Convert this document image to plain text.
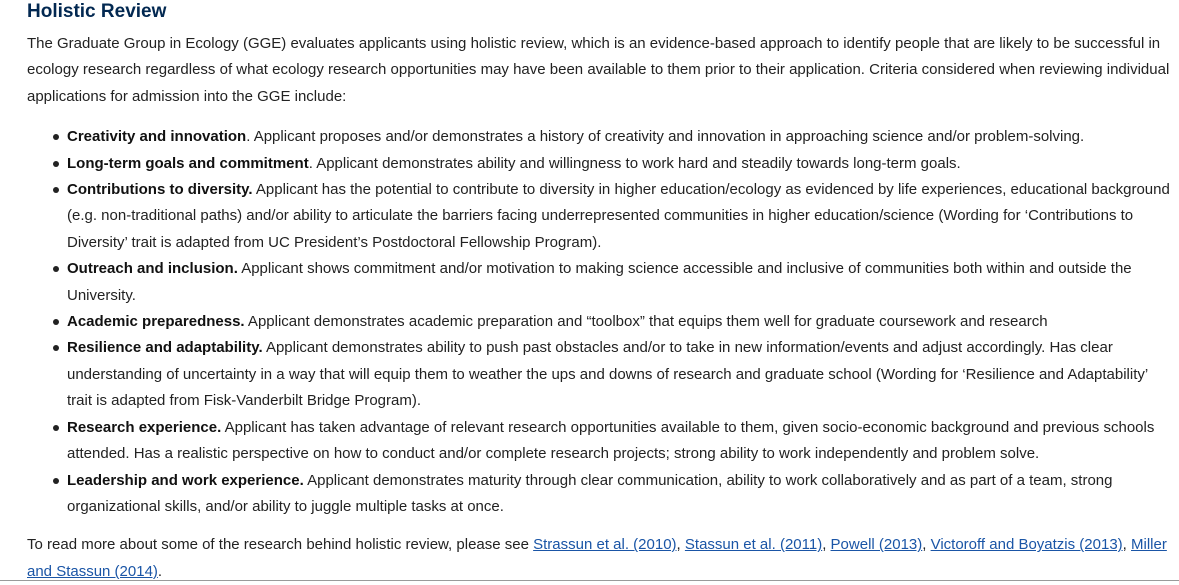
Holistic Review

The Graduate Group in Ecology (GGE) evaluates applicants using holistic review, which is an evidence-based approach to identify people that are likely to be successful in ecology research regardless of what ecology research opportunities may have been available to them prior to their application. Criteria considered when reviewing individual applications for admission into the GGE include:

Creativity and innovation. Applicant proposes and/or demonstrates a history of creativity and innovation in approaching science and/or problem-solving.
Long-term goals and commitment. Applicant demonstrates ability and willingness to work hard and steadily towards long-term goals.
Contributions to diversity. Applicant has the potential to contribute to diversity in higher education/ecology as evidenced by life experiences, educational background (e.g. non-traditional paths) and/or ability to articulate the barriers facing underrepresented communities in higher education/science (Wording for ‘Contributions to Diversity’ trait is adapted from UC President’s Postdoctoral Fellowship Program).
Outreach and inclusion. Applicant shows commitment and/or motivation to making science accessible and inclusive of communities both within and outside the University.
Academic preparedness. Applicant demonstrates academic preparation and “toolbox” that equips them well for graduate coursework and research
Resilience and adaptability. Applicant demonstrates ability to push past obstacles and/or to take in new information/events and adjust accordingly. Has clear understanding of uncertainty in a way that will equip them to weather the ups and downs of research and graduate school (Wording for ‘Resilience and Adaptability’ trait is adapted from Fisk-Vanderbilt Bridge Program).
Research experience. Applicant has taken advantage of relevant research opportunities available to them, given socio-economic background and previous schools attended. Has a realistic perspective on how to conduct and/or complete research projects; strong ability to work independently and problem solve.
Leadership and work experience. Applicant demonstrates maturity through clear communication, ability to work collaboratively and as part of a team, strong organizational skills, and/or ability to juggle multiple tasks at once.

To read more about some of the research behind holistic review, please see Strassun et al. (2010), Stassun et al. (2011), Powell (2013), Victoroff and Boyatzis (2013), Miller and Stassun (2014).
